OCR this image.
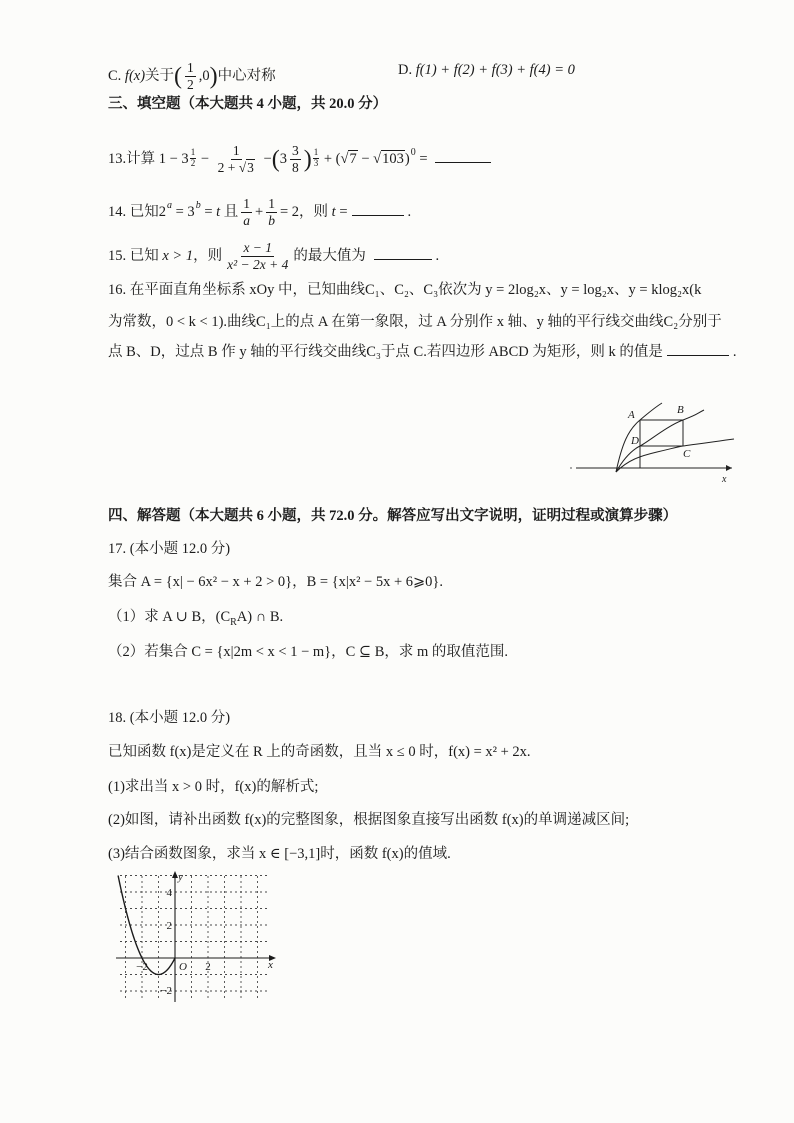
C. f(x)关于( $\frac{1}{2} ,0$)中心对称	D. f(1) + f(2) + f(3) + f(4) = 0
三、填空题（本大题共 4 小题，共 20.0 分）
13.计算 $1 - 3 \frac{1}{2} - \frac{1}{2 + √3} -(3 \frac{3}{8}$ ) $\frac{1}{3} + (√7 - √103)^0$ =
14. 已知$2^a = 3^b = t$ 且 $\frac{1}{a} + \frac{1}{b} = 2$，则 t =	.
15. 已知 x > 1，则 $\frac{x - 1}{\text{x² − 2x + 4}}$ 的最大值为	.
16. 在平面直角坐标系 xOy 中，已知曲线C₁、C₂、C₃依次为 y = 2log₂x、y = log₂x、y = klog₂x(k
为常数，0 < k < 1).曲线C₁上的点 A 在第一象限，过 A 分别作 x 轴、y 轴的平行线交曲线C₂分别于
点 B、D，过点 B 作 y 轴的平行线交曲线C₃于点 C.若四边形 ABCD 为矩形，则 k 的值是	.
A	B
D
C
x
四、解答题（本大题共 6 小题，共 72.0 分。解答应写出文字说明，证明过程或演算步骤）
17. (本小题 12.0 分)
集合 A = {x| − 6x² − x + 2 > 0}，B = {x|x² − 5x + 6⩾0}.
（1）求 A ∪ B，$(C_RA)$ ∩ B.
（2）若集合 C = {x|2m < x < 1 − m}，C ⊆ B，求 m 的取值范围.
18. (本小题 12.0 分)
已知函数 f(x)是定义在 R 上的奇函数，且当 x ≤ 0 时，f(x) = x² + 2x.
(1)求出当 x > 0 时，f(x)的解析式;
(2)如图，请补出函数 f(x)的完整图象，根据图象直接写出函数 f(x)的单调递减区间;
(3)结合函数图象，求当 x ∈ [−3,1]时，函数 f(x)的值域.
y
4
2
−2
−2	O 2	x
